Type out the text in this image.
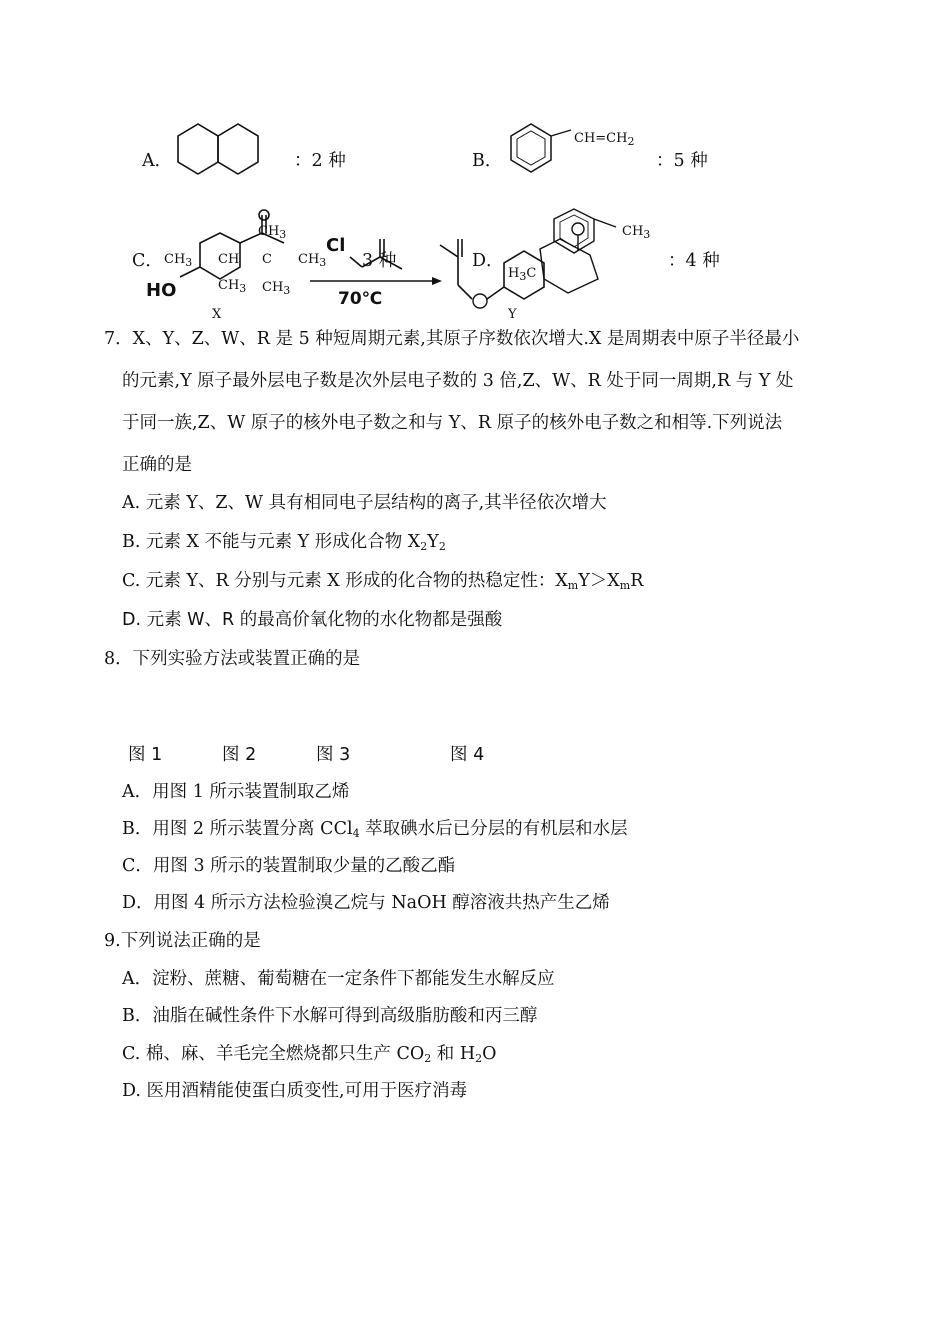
A．	：2 种	B．
$CH=CH_2$
：5 种
C． $CH_3$ CH
$CH_3$
C $CH_3$
$CH_3$ $CH_3$
HO
Cl
3 种
70℃
X	Y
D．
$H_3C$
$CH_3$
：4 种
7．X、Y、Z、W、R 是 5 种短周期元素,其原子序数依次增大.X 是周期表中原子半径最小
的元素,Y 原子最外层电子数是次外层电子数的 3 倍,Z、W、R 处于同一周期,R 与 Y 处
于同一族,Z、W 原子的核外电子数之和与 Y、R 原子的核外电子数之和相等.下列说法
正确的是
A. 元素 Y、Z、W 具有相同电子层结构的离子,其半径依次增大
B. 元素 X 不能与元素 Y 形成化合物 $X_2Y_2$
C. 元素 Y、R 分别与元素 X 形成的化合物的热稳定性：$X_mY>X_mR$
D. 元素 W、R 的最高价氧化物的水化物都是强酸
8．下列实验方法或装置正确的是
图 1	图 2	图 3	图 4
A．用图 1 所示装置制取乙烯
B．用图 2 所示装置分离 CCl$_4$ 萃取碘水后已分层的有机层和水层
C．用图 3 所示的装置制取少量的乙酸乙酯
D．用图 4 所示方法检验溴乙烷与 NaOH 醇溶液共热产生乙烯
9.下列说法正确的是
A．淀粉、蔗糖、葡萄糖在一定条件下都能发生水解反应
B．油脂在碱性条件下水解可得到高级脂肪酸和丙三醇
C. 棉、麻、羊毛完全燃烧都只生产 $CO_2$ 和 $H_2O$
D. 医用酒精能使蛋白质变性,可用于医疗消毒
